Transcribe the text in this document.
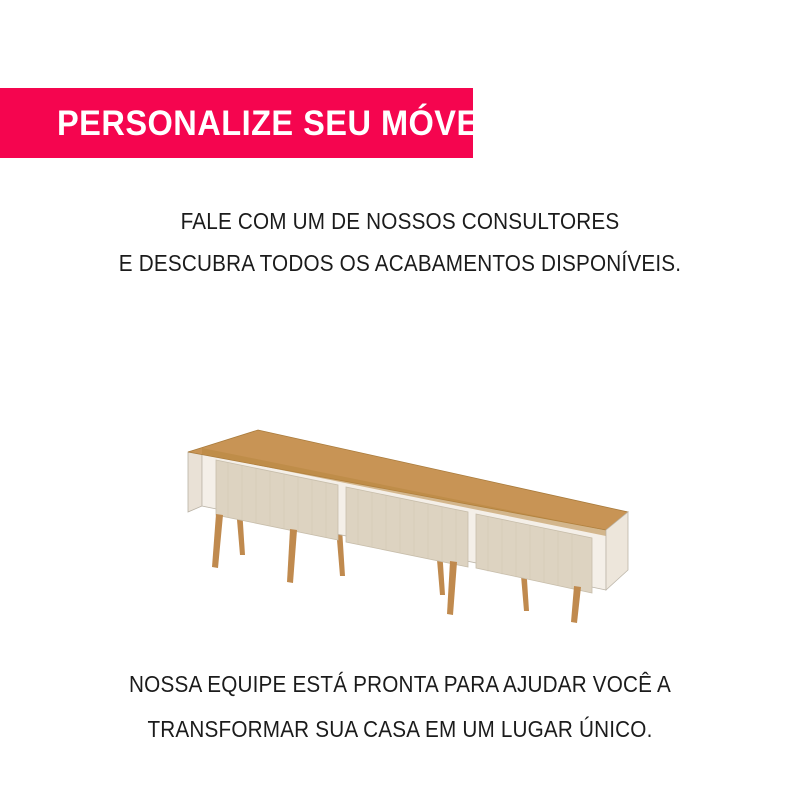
PERSONALIZE SEU MÓVEL
FALE COM UM DE NOSSOS CONSULTORES
E DESCUBRA TODOS OS ACABAMENTOS DISPONÍVEIS.
NOSSA EQUIPE ESTÁ PRONTA PARA AJUDAR VOCÊ A
TRANSFORMAR SUA CASA EM UM LUGAR ÚNICO.
